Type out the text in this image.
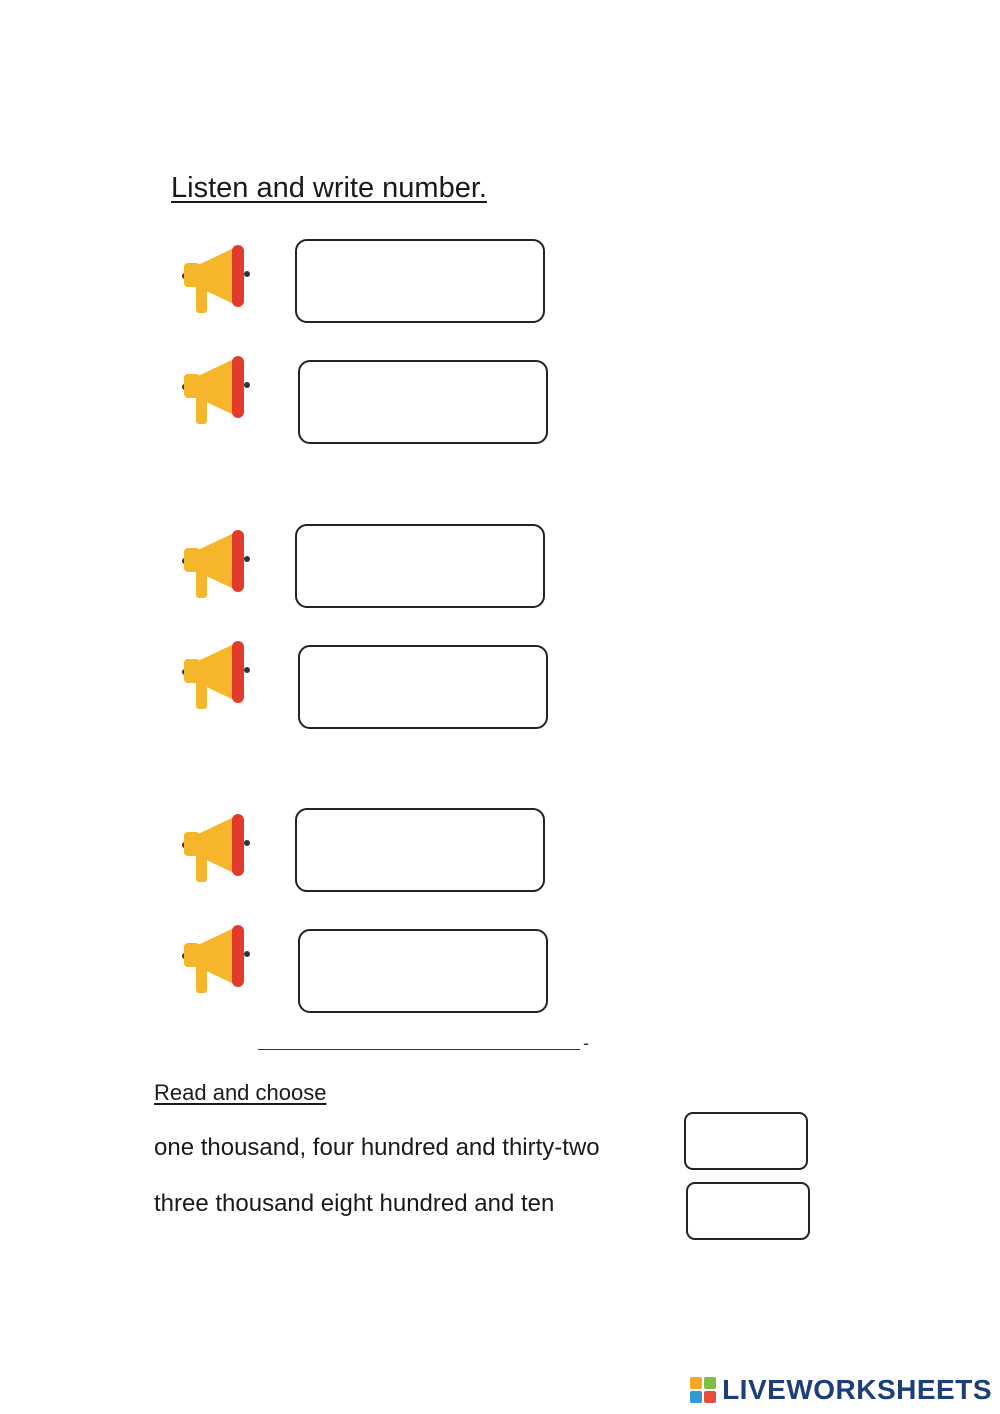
Listen and write number.
-
Read and choose
one thousand, four hundred and thirty-two
three thousand eight hundred and ten
LIVEWORKSHEETS
